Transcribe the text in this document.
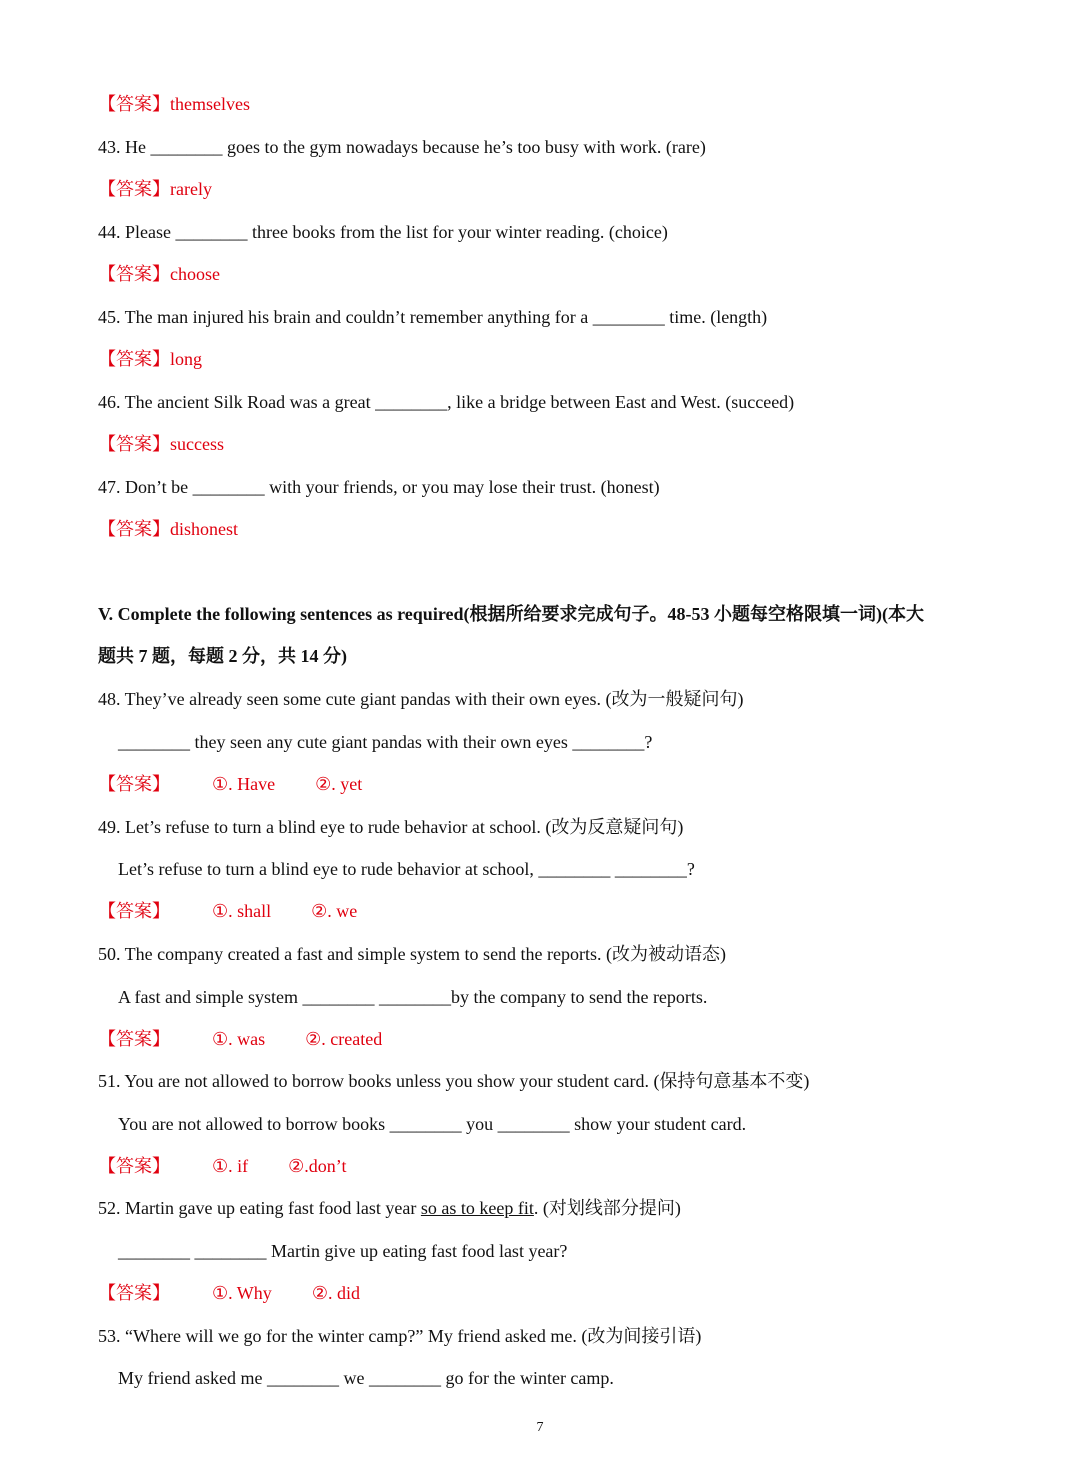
【答案】themselves
43. He ________ goes to the gym nowadays because he’s too busy with work. (rare)
【答案】rarely
44. Please ________ three books from the list for your winter reading. (choice)
【答案】choose
45. The man injured his brain and couldn’t remember anything for a ________ time. (length)
【答案】long
46. The ancient Silk Road was a great ________, like a bridge between East and West. (succeed)
【答案】success
47. Don’t be ________ with your friends, or you may lose their trust. (honest)
【答案】dishonest
V. Complete the following sentences as required(根据所给要求完成句子。48-53 小题每空格限填一词)(本大
题共 7 题，每题 2 分，共 14 分)
48. They’ve already seen some cute giant pandas with their own eyes. (改为一般疑问句)
________ they seen any cute giant pandas with their own eyes ________?
【答案】 ①. Have ②. yet
49. Let’s refuse to turn a blind eye to rude behavior at school. (改为反意疑问句)
Let’s refuse to turn a blind eye to rude behavior at school, ________ ________?
【答案】 ①. shall ②. we
50. The company created a fast and simple system to send the reports. (改为被动语态)
A fast and simple system ________ ________by the company to send the reports.
【答案】 ①. was ②. created
51. You are not allowed to borrow books unless you show your student card. (保持句意基本不变)
You are not allowed to borrow books ________ you ________ show your student card.
【答案】 ①. if ②.don’t
52. Martin gave up eating fast food last year so as to keep fit. (对划线部分提问)
________ ________ Martin give up eating fast food last year?
【答案】 ①. Why ②. did
53. “Where will we go for the winter camp?” My friend asked me. (改为间接引语)
My friend asked me ________ we ________ go for the winter camp.
7
